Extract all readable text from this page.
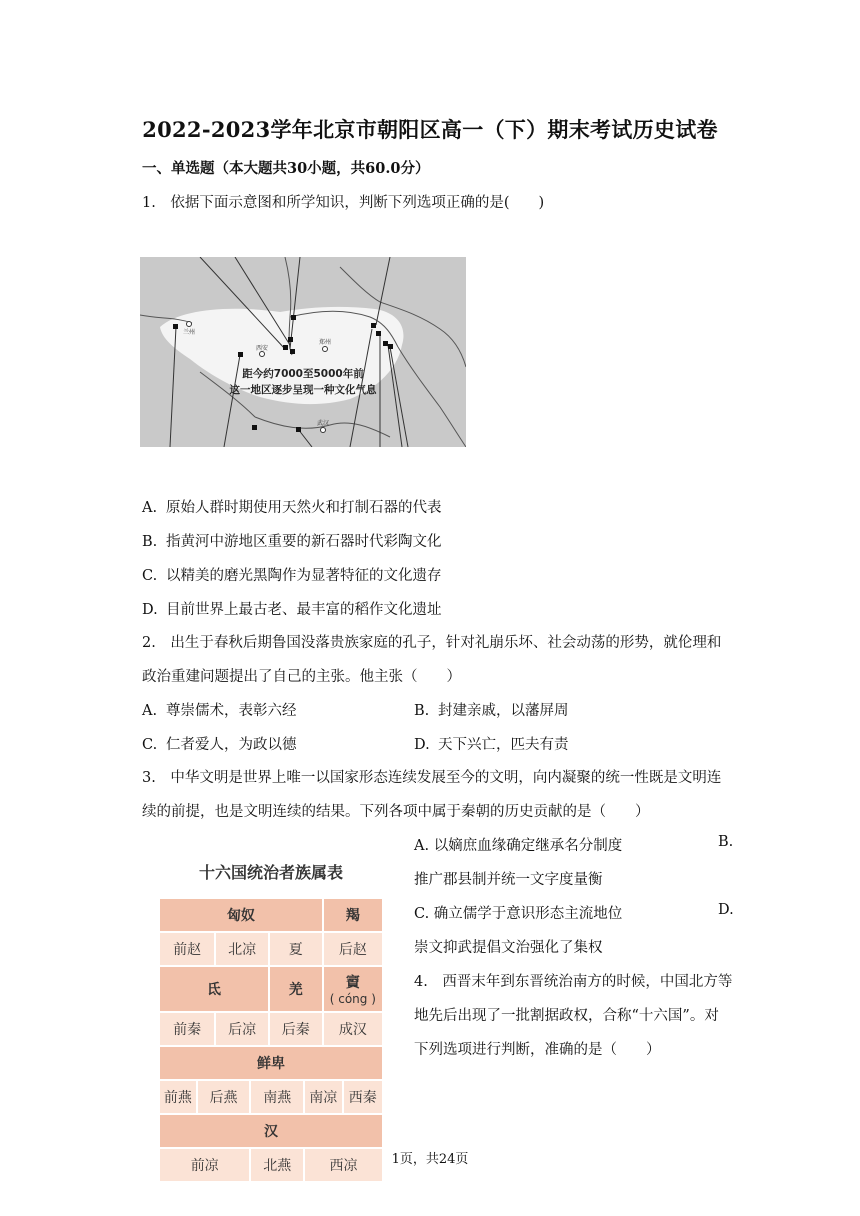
2022-2023学年北京市朝阳区高一（下）期末考试历史试卷
一、单选题（本大题共30小题，共60.0分）
1.　依据下面示意图和所学知识，判断下列选项正确的是(　　)
兰州
西安
郑州
武汉
距今约7000至5000年前
这一地区逐步呈现一种文化气息
A. 原始人群时期使用天然火和打制石器的代表
B. 指黄河中游地区重要的新石器时代彩陶文化
C. 以精美的磨光黑陶作为显著特征的文化遗存
D. 目前世界上最古老、最丰富的稻作文化遗址
2.　出生于春秋后期鲁国没落贵族家庭的孔子，针对礼崩乐坏、社会动荡的形势，就伦理和
政治重建问题提出了自己的主张。他主张（　　）
A. 尊崇儒术，表彰六经	B. 封建亲戚，以藩屏周
C. 仁者爱人，为政以德	D. 天下兴亡，匹夫有责
3.　中华文明是世界上唯一以国家形态连续发展至今的文明，向内凝聚的统一性既是文明连
续的前提，也是文明连续的结果。下列各项中属于秦朝的历史贡献的是（　　）
A. 以嫡庶血缘确定继承名分制度	B.
推广郡县制并统一文字度量衡
C. 确立儒学于意识形态主流地位	D.
崇文抑武提倡文治强化了集权
4.　西晋末年到东晋统治南方的时候，中国北方等
地先后出现了一批割据政权，合称“十六国”。对
下列选项进行判断，准确的是（　　）
十六国统治者族属表
匈奴						羯	
前赵		北凉		夏		后赵	
氐				羌		賨
( cóng )	

前秦		后凉		后秦		成汉	
鲜卑							
前燕	后燕		南燕		南凉		西秦
汉							
前凉			北燕		西凉			1页，共24页
